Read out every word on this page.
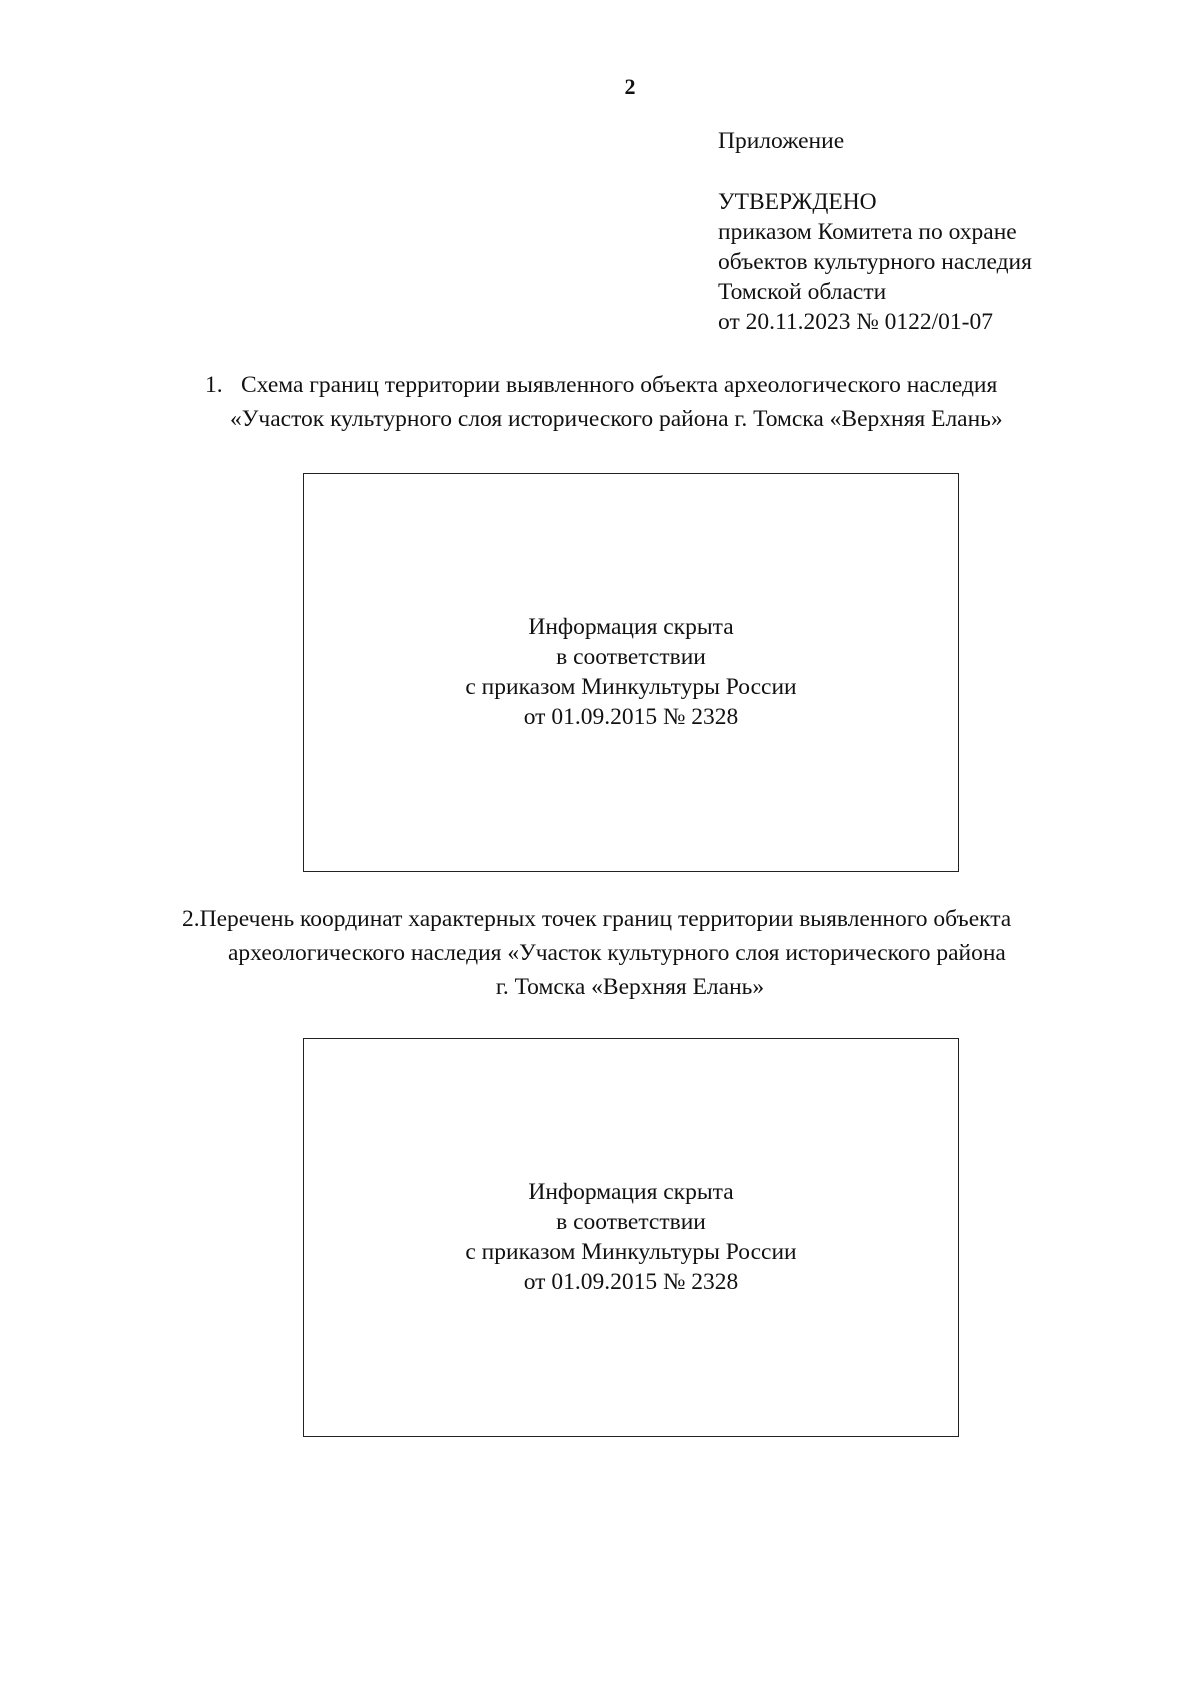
2
Приложение
УТВЕРЖДЕНО
приказом Комитета по охране
объектов культурного наследия
Томской области
от 20.11.2023 № 0122/01-07
1. Схема границ территории выявленного объекта археологического наследия
«Участок культурного слоя исторического района г. Томска «Верхняя Елань»
Информация скрыта
в соответствии
с приказом Минкультуры России
от 01.09.2015 № 2328
2.Перечень координат характерных точек границ территории выявленного объекта
археологического наследия «Участок культурного слоя исторического района
г. Томска «Верхняя Елань»
Информация скрыта
в соответствии
с приказом Минкультуры России
от 01.09.2015 № 2328
